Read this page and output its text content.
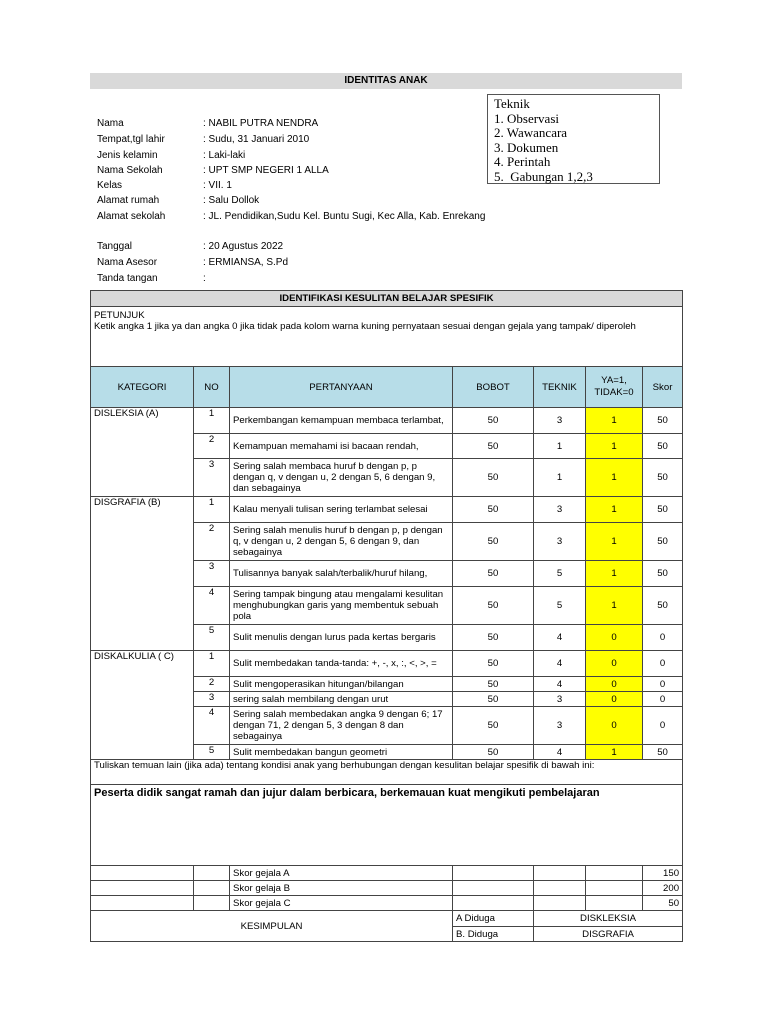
IDENTITAS ANAK
Teknik
1. Observasi
2. Wawancara
3. Dokumen
4. Perintah
5.  Gabungan 1,2,3
Nama	: NABIL PUTRA NENDRA
Tempat,tgl lahir	: Sudu, 31 Januari 2010
Jenis kelamin	: Laki-laki
Nama Sekolah	: UPT SMP NEGERI 1 ALLA
Kelas	: VII. 1
Alamat rumah	: Salu Dollok
Alamat sekolah	: JL. Pendidikan,Sudu Kel. Buntu Sugi, Kec Alla, Kab. Enrekang
Tanggal	: 20 Agustus 2022
Nama Asesor	: ERMIANSA, S.Pd
Tanda tangan	:
IDENTIFIKASI KESULITAN BELAJAR SPESIFIK						

PETUNJUK
Ketik angka 1 jika ya dan angka 0 jika tidak pada kolom warna kuning pernyataan sesuai dengan gejala yang tampak/ diperoleh						

KATEGORI	NO	PERTANYAAN	BOBOT	TEKNIK	YA=1,
TIDAK=0	Skor
DISLEKSIA (A)	1	Perkembangan kemampuan membaca terlambat,	50	3	1	50
	2	Kemampuan memahami isi bacaan rendah,	50	1	1	50
	3	Sering salah membaca huruf b dengan p, p dengan q, v dengan u, 2 dengan 5, 6 dengan 9, dan sebagainya	50	1	1	50
DISGRAFIA (B)	1	Kalau menyali tulisan sering terlambat selesai	50	3	1	50
	2	Sering salah menulis huruf b dengan p, p dengan q, v dengan u, 2 dengan 5, 6 dengan 9, dan sebagainya	50	3	1	50
	3	Tulisannya banyak salah/terbalik/huruf hilang,	50	5	1	50
	4	Sering tampak bingung atau mengalami kesulitan menghubungkan garis yang membentuk sebuah pola	50	5	1	50
	5	Sulit menulis dengan lurus pada kertas bergaris	50	4	0	0
DISKALKULIA ( C)	1	Sulit membedakan tanda-tanda: +, -, x, :, <, >, =	50	4	0	0
	2	Sulit mengoperasikan hitungan/bilangan	50	4	0	0
	3	sering salah membilang dengan urut	50	3	0	0
	4	Sering salah membedakan angka 9 dengan 6; 17 dengan 71, 2 dengan 5, 3 dengan 8 dan sebagainya	50	3	0	0
	5	Sulit membedakan bangun geometri	50	4	1	50
Tuliskan temuan lain (jika ada) tentang kondisi anak yang berhubungan dengan kesulitan belajar spesifik di bawah ini:						
Peserta didik sangat ramah dan jujur dalam berbicara, berkemauan kuat mengikuti pembelajaran						
		Skor gejala A				150
		Skor gelaja B				200
		Skor gejala C				50
KESIMPULAN			A Diduga	DISKLEKSIA		
			B. Diduga	DISGRAFIA		
